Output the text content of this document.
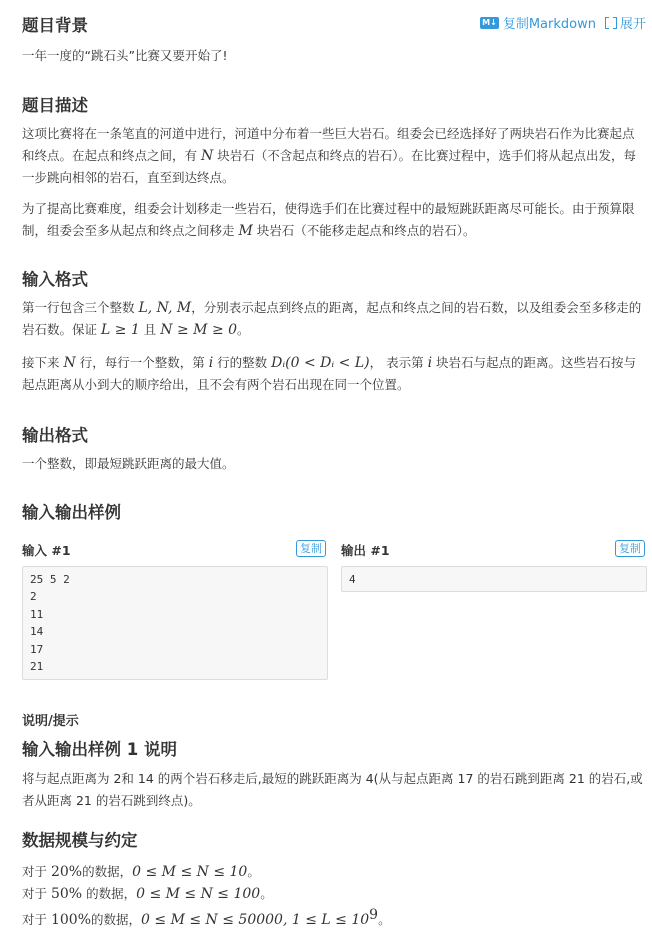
M↓ 复制Markdown 展开
题目背景

一年一度的“跳石头”比赛又要开始了!

题目描述

这项比赛将在一条笔直的河道中进行，河道中分布着一些巨大岩石。组委会已经选择好了两块岩石作为比赛起点和终点。在起点和终点之间，有 N 块岩石（不含起点和终点的岩石）。在比赛过程中，选手们将从起点出发，每一步跳向相邻的岩石，直至到达终点。

为了提高比赛难度，组委会计划移走一些岩石，使得选手们在比赛过程中的最短跳跃距离尽可能长。由于预算限制，组委会至多从起点和终点之间移走 M 块岩石（不能移走起点和终点的岩石）。

输入格式

第一行包含三个整数 L, N, M，分别表示起点到终点的距离，起点和终点之间的岩石数，以及组委会至多移走的岩石数。保证 L ≥ 1 且 N ≥ M ≥ 0。

接下来 N 行，每行一个整数，第 i 行的整数 Dᵢ(0 < Dᵢ < L)， 表示第 i 块岩石与起点的距离。这些岩石按与起点距离从小到大的顺序给出，且不会有两个岩石出现在同一个位置。

输出格式

一个整数，即最短跳跃距离的最大值。

输入输出样例
输入 #1	复制
25 5 2
2
11
14
17
21
输出 #1	复制
4
说明/提示
输入输出样例 1 说明

将与起点距离为 2和 14 的两个岩石移走后,最短的跳跃距离为 4(从与起点距离 17 的岩石跳到距离 21 的岩石,或者从距离 21 的岩石跳到终点)。

数据规模与约定

对于 20%的数据，0 ≤ M ≤ N ≤ 10。

对于 50% 的数据，0 ≤ M ≤ N ≤ 100。

对于 100%的数据，0 ≤ M ≤ N ≤ 50000, $1 \le L \le 10^9$。
